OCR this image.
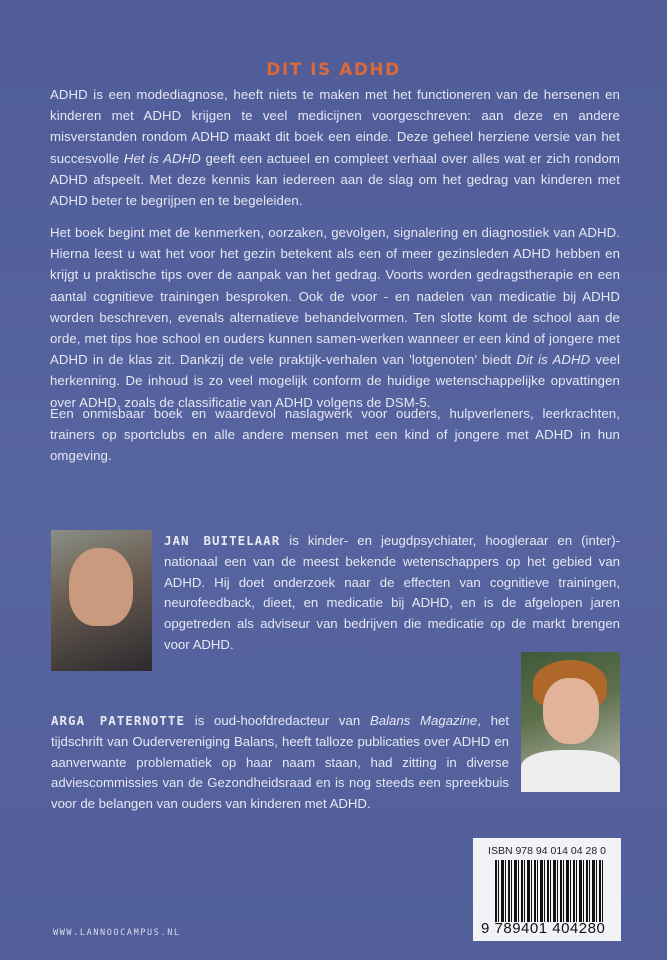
DIT IS ADHD
ADHD is een modediagnose, heeft niets te maken met het functioneren van de hersenen en kinderen met ADHD krijgen te veel medicijnen voorgeschreven: aan deze en andere misverstanden rondom ADHD maakt dit boek een einde. Deze geheel herziene versie van het succesvolle Het is ADHD geeft een actueel en compleet verhaal over alles wat er zich rondom ADHD afspeelt. Met deze kennis kan iedereen aan de slag om het gedrag van kinderen met ADHD beter te begrijpen en te begeleiden.
Het boek begint met de kenmerken, oorzaken, gevolgen, signalering en diagnostiek van ADHD. Hierna leest u wat het voor het gezin betekent als een of meer gezinsleden ADHD hebben en krijgt u praktische tips over de aanpak van het gedrag. Voorts worden gedragstherapie en een aantal cognitieve trainingen besproken. Ook de voor - en nadelen van medicatie bij ADHD worden beschreven, evenals alternatieve behandelvormen. Ten slotte komt de school aan de orde, met tips hoe school en ouders kunnen samen-werken wanneer er een kind of jongere met ADHD in de klas zit. Dankzij de vele praktijk-verhalen van 'lotgenoten' biedt Dit is ADHD veel herkenning. De inhoud is zo veel mogelijk conform de huidige wetenschappelijke opvattingen over ADHD, zoals de classificatie van ADHD volgens de DSM-5.
Een onmisbaar boek en waardevol naslagwerk voor ouders, hulpverleners, leerkrachten, trainers op sportclubs en alle andere mensen met een kind of jongere met ADHD in hun omgeving.
JAN BUITELAAR is kinder- en jeugdpsychiater, hoogleraar en (inter)-nationaal een van de meest bekende wetenschappers op het gebied van ADHD. Hij doet onderzoek naar de effecten van cognitieve trainingen, neurofeedback, dieet, en medicatie bij ADHD, en is de afgelopen jaren opgetreden als adviseur van bedrijven die medicatie op de markt brengen voor ADHD.
ARGA PATERNOTTE is oud-hoofdredacteur van Balans Magazine, het tijdschrift van Oudervereniging Balans, heeft talloze publicaties over ADHD en aanverwante problematiek op haar naam staan, had zitting in diverse adviescommissies van de Gezondheidsraad en is nog steeds een spreekbuis voor de belangen van ouders van kinderen met ADHD.
ISBN 978 94 014 04 28 0
9 789401 404280
WWW.LANNOOCAMPUS.NL
